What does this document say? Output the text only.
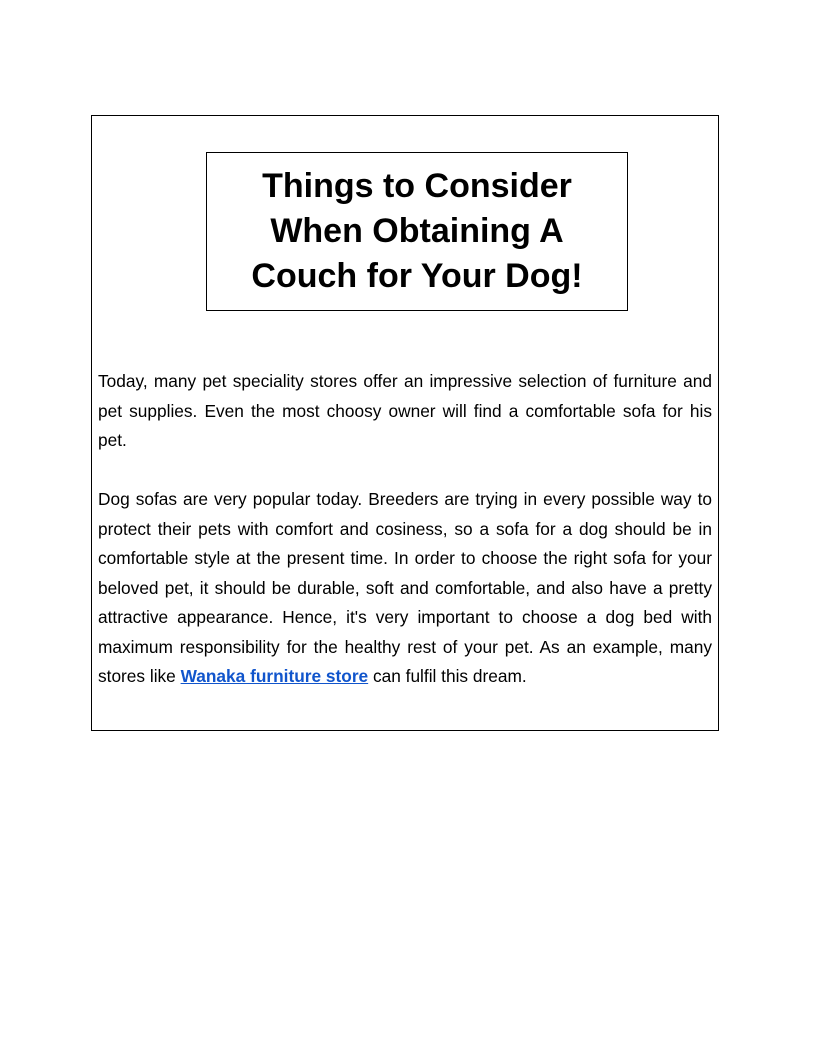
Things to Consider When Obtaining A Couch for Your Dog!

Today, many pet speciality stores offer an impressive selection of furniture and pet supplies. Even the most choosy owner will find a comfortable sofa for his pet.

Dog sofas are very popular today. Breeders are trying in every possible way to protect their pets with comfort and cosiness, so a sofa for a dog should be in comfortable style at the present time. In order to choose the right sofa for your beloved pet, it should be durable, soft and comfortable, and also have a pretty attractive appearance. Hence, it's very important to choose a dog bed with maximum responsibility for the healthy rest of your pet. As an example, many stores like Wanaka furniture store can fulfil this dream.
